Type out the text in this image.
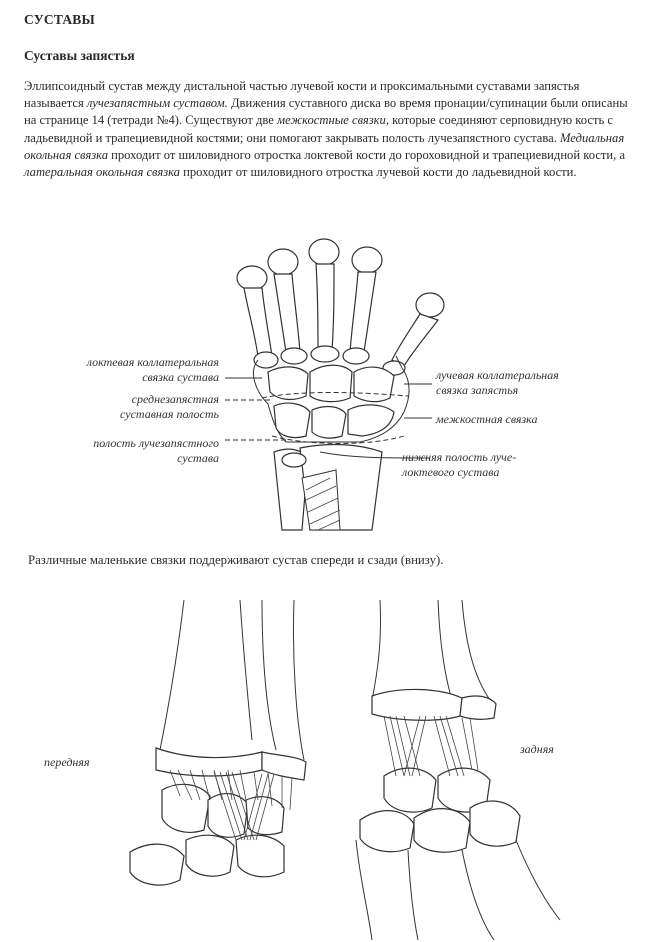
СУСТАВЫ
Суставы запястья
Эллипсоидный сустав между дистальной частью лучевой кости и проксимальными суставами запястья называется лучезапястным суставом. Движения суставного диска во время пронации/супинации были описаны на странице 14 (тетради №4). Существуют две межкостные связки, которые соединяют серповидную кость с ладьевидной и трапециевидной костями; они помогают закрывать полость лучезапястного сустава. Медиальная окольная связка проходит от шиловидного отростка локтевой кости до гороховидной и трапециевидной кости, а латеральная окольная связка проходит от шиловидного отростка лучевой кости до ладьевидной кости.
локтевая коллатеральная
связка сустава
среднезапястная
суставная полость
полость лучезапястного
сустава
лучевая коллатеральная
связка запястья
межкостная связка
нижняя полость луче-
локтевого сустава
Различные маленькие связки поддерживают сустав спереди и сзади (внизу).
передняя
задняя
